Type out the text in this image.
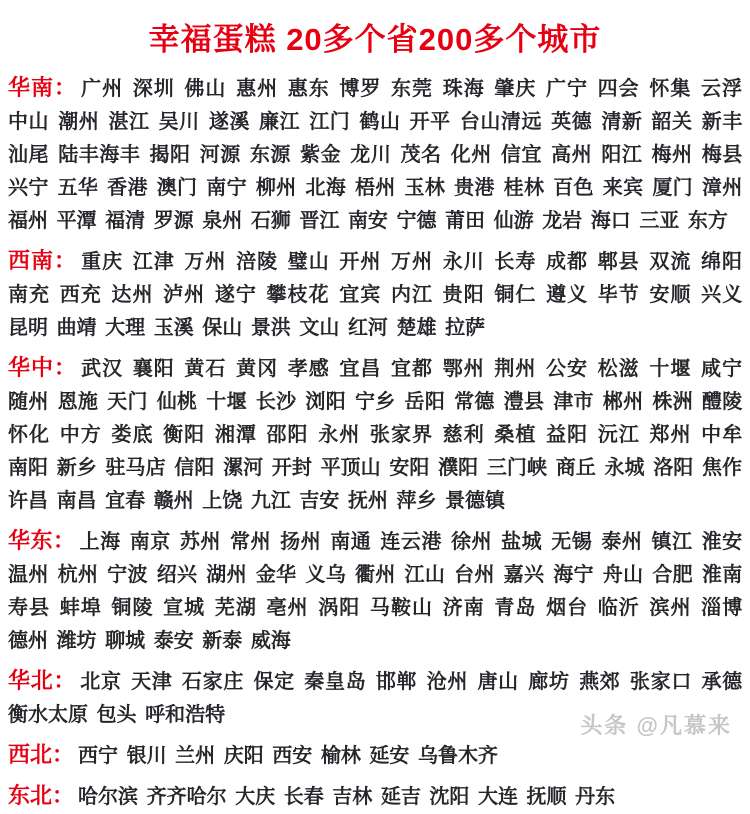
幸福蛋糕 20多个省200多个城市

华南： 广州 深圳 佛山 惠州 惠东 博罗 东莞 珠海 肇庆 广宁 四会 怀集 云浮 中山 潮州 湛江 吴川 遂溪 廉江 江门 鹤山 开平 台山清远 英德 清新 韶关 新丰 汕尾 陆丰海丰 揭阳 河源 东源 紫金 龙川 茂名 化州 信宜 高州 阳江 梅州 梅县 兴宁 五华 香港 澳门 南宁 柳州 北海 梧州 玉林 贵港 桂林 百色 来宾 厦门 漳州 福州 平潭 福清 罗源 泉州 石狮 晋江 南安 宁德 莆田 仙游 龙岩 海口 三亚 东方

西南： 重庆 江津 万州 涪陵 璧山 开州 万州 永川 长寿 成都 郫县 双流 绵阳 南充 西充 达州 泸州 遂宁 攀枝花 宜宾 内江 贵阳 铜仁 遵义 毕节 安顺 兴义 昆明 曲靖 大理 玉溪 保山 景洪 文山 红河 楚雄 拉萨

华中： 武汉 襄阳 黄石 黄冈 孝感 宜昌 宜都 鄂州 荆州 公安 松滋 十堰 咸宁 随州 恩施 天门 仙桃 十堰 长沙 浏阳 宁乡 岳阳 常德 澧县 津市 郴州 株洲 醴陵 怀化 中方 娄底 衡阳 湘潭 邵阳 永州 张家界 慈利 桑植 益阳 沅江 郑州 中牟 南阳 新乡 驻马店 信阳 漯河 开封 平顶山 安阳 濮阳 三门峡 商丘 永城 洛阳 焦作 许昌 南昌 宜春 赣州 上饶 九江 吉安 抚州 萍乡 景德镇

华东： 上海 南京 苏州 常州 扬州 南通 连云港 徐州 盐城 无锡 泰州 镇江 淮安 温州 杭州 宁波 绍兴 湖州 金华 义乌 衢州 江山 台州 嘉兴 海宁 舟山 合肥 淮南 寿县 蚌埠 铜陵 宣城 芜湖 亳州 涡阳 马鞍山 济南 青岛 烟台 临沂 滨州 淄博 德州 潍坊 聊城 泰安 新泰 威海

华北： 北京 天津 石家庄 保定 秦皇岛 邯郸 沧州 唐山 廊坊 燕郊 张家口 承德 衡水太原 包头 呼和浩特

西北： 西宁 银川 兰州 庆阳 西安 榆林 延安 乌鲁木齐

东北： 哈尔滨 齐齐哈尔 大庆 长春 吉林 延吉 沈阳 大连 抚顺 丹东

头条 @凡慕来
